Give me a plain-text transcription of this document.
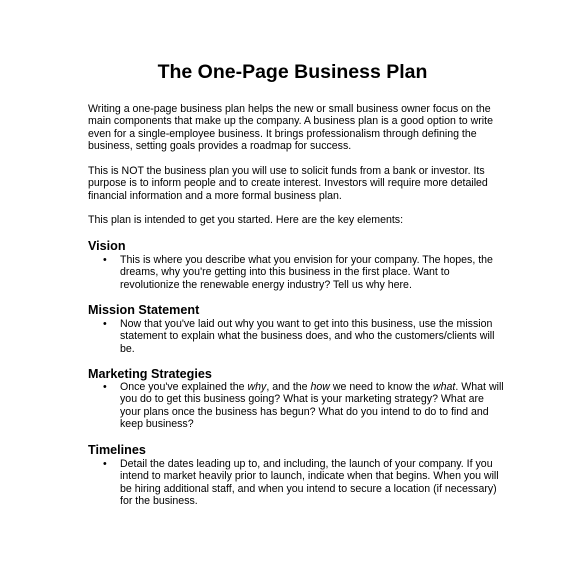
The One-Page Business Plan

Writing a one-page business plan helps the new or small business owner focus on the main components that make up the company. A business plan is a good option to write even for a single-employee business. It brings professionalism through defining the business, setting goals provides a roadmap for success.

This is NOT the business plan you will use to solicit funds from a bank or investor. Its purpose is to inform people and to create interest. Investors will require more detailed financial information and a more formal business plan.

This plan is intended to get you started. Here are the key elements:

Vision
•	This is where you describe what you envision for your company. The hopes, the dreams, why you're getting into this business in the first place. Want to revolutionize the renewable energy industry? Tell us why here.
Mission Statement
•	Now that you've laid out why you want to get into this business, use the mission statement to explain what the business does, and who the customers/clients will be.
Marketing Strategies
•	Once you've explained the why, and the how we need to know the what. What will you do to get this business going? What is your marketing strategy? What are your plans once the business has begun? What do you intend to do to find and keep business?
Timelines
•	Detail the dates leading up to, and including, the launch of your company. If you intend to market heavily prior to launch, indicate when that begins. When you will be hiring additional staff, and when you intend to secure a location (if necessary) for the business.
